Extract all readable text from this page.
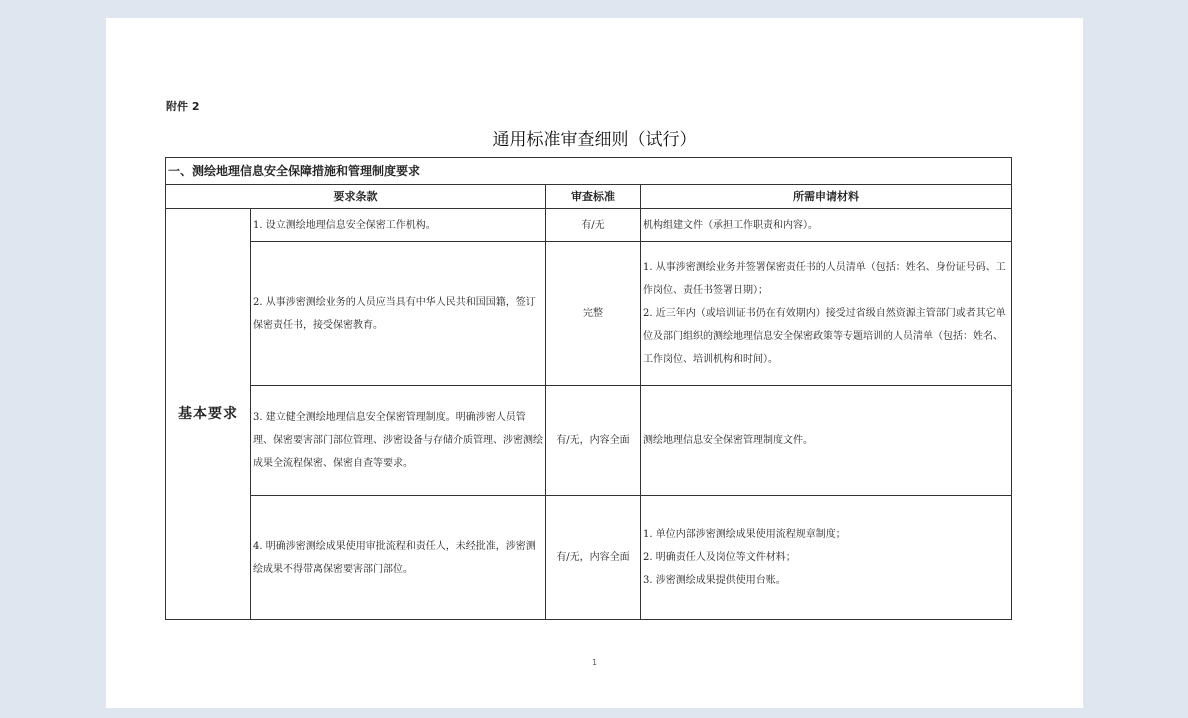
附件 2
通用标准审查细则（试行）
一、测绘地理信息安全保障措施和管理制度要求			
要求条款		审查标准	所需申请材料
基本要求	1. 设立测绘地理信息安全保密工作机构。	有/无	机构组建文件（承担工作职责和内容）。

	2. 从事涉密测绘业务的人员应当具有中华人民共和国国籍，签订保密责任书，接受保密教育。	完整	1. 从事涉密测绘业务并签署保密责任书的人员清单（包括：姓名、身份证号码、工作岗位、责任书签署日期）；
2. 近三年内（或培训证书仍在有效期内）接受过省级自然资源主管部门或者其它单位及部门组织的测绘地理信息安全保密政策等专题培训的人员清单（包括：姓名、工作岗位、培训机构和时间）。

	3. 建立健全测绘地理信息安全保密管理制度。明确涉密人员管理、保密要害部门部位管理、涉密设备与存储介质管理、涉密测绘成果全流程保密、保密自查等要求。	有/无，内容全面	测绘地理信息安全保密管理制度文件。

	4. 明确涉密测绘成果使用审批流程和责任人，未经批准，涉密测绘成果不得带离保密要害部门部位。	有/无，内容全面	1. 单位内部涉密测绘成果使用流程规章制度；
2. 明确责任人及岗位等文件材料；
3. 涉密测绘成果提供使用台账。
1
